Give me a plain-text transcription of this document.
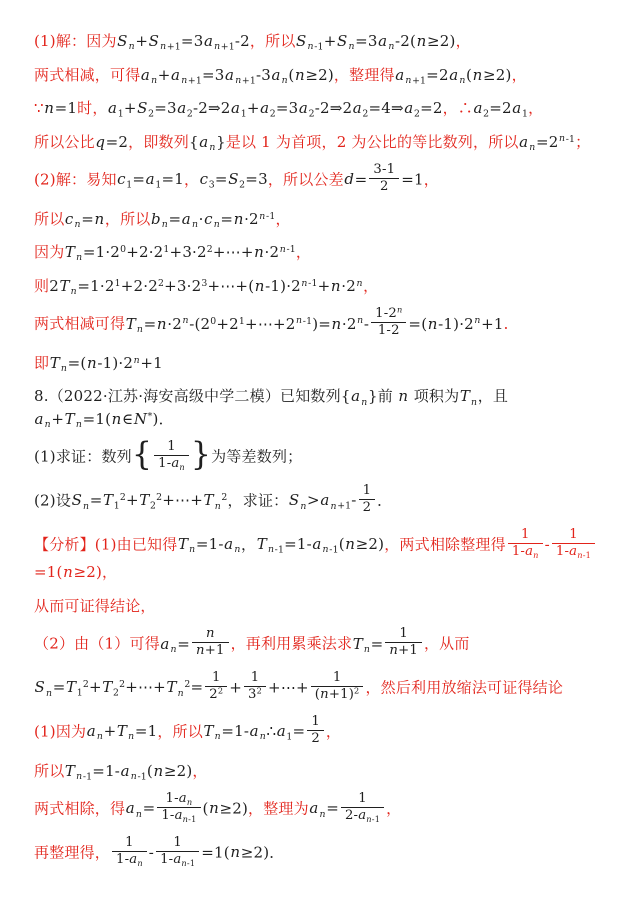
(1)解：因为$S_n+S_{n+1}=3a_{n+1}-2$，所以$S_{n-1}+S_n=3a_n-2(n\ge 2)$，
两式相减，可得$a_n+a_{n+1}=3a_{n+1}-3a_n(n\ge 2)$，整理得$a_{n+1}=2a_n(n\ge 2)$，
∵n=1时，$a_1+S_2=3a_2-2\Rightarrow 2a_1+a_2=3a_2-2\Rightarrow 2a_2=4\Rightarrow a_2=2$，$\therefore a_2=2a_1$，
所以公比q=2，即数列$\{a_n\}$是以 1 为首项，2 为公比的等比数列，所以$a_n=2^{n-1}$；
(2)解：易知$c_1=a_1=1$，$c_3=S_2=3$，所以公差$d= \frac{3-1}{2} =1$，
所以$c_n=n$，所以$b_n=a_n\cdot c_n=n\cdot 2^{n-1}$，
因为$T_n=1\cdot 2^0+2\cdot 2^1+3\cdot 2^2+\cdots+n\cdot 2^{n-1}$，
则$2T_n=1\cdot 2^1+2\cdot 2^2+3\cdot 2^3+\cdots+(n-1)\cdot 2^{n-1}+n\cdot 2^n$，
两式相减可得$T_n=n\cdot 2^n-(2^0+2^1+\cdots+2^{n-1})=n\cdot 2^n- \frac{1-2^n}{1-2} =(n-1)\cdot 2^n+1$．
即$T_n=(n-1)\cdot 2^n+1$
8.（2022·江苏·海安高级中学二模）已知数列$\{a_n\}$前 n 项积为$T_n$，且$a_n+T_n=1(n\in N^*)$．
(1)求证：数列{ $\frac{1}{1-a_n}$ }为等差数列；
(2)设$S_n=T_1^2+T_2^2+\cdots+T_n^2$，求证：$S_n>a_{n+1}- \frac{1}{2}$ ．
【分析】(1)由已知得$T_n=1-a_n$，$T_{n-1}=1-a_{n-1}(n\ge 2)$，两式相除整理得 $\frac{1}{1-a_n} - \frac{1}{1-a_{n-1}}$
=1(n≥2)，
从而可证得结论，
（2）由（1）可得$a_n= \frac{n}{n+1}$ ，再利用累乘法求$T_n= \frac{1}{n+1}$ ，从而
$S_n=T_1^2+T_2^2+\cdots+T_n^2= \frac{1}{2^2} + \frac{1}{3^2}$ +⋯+ $\frac{1}{(n+1)^2}$ ，然后利用放缩法可证得结论
(1)因为$a_n+T_n=1$，所以$T_n=1-a_n\therefore a_1= \frac{1}{2}$ ，
所以$T_{n-1}=1-a_{n-1}(n\ge 2)$，
两式相除，得$a_n= \frac{1-a_n}{1-a_{n-1}} (n\ge 2)$，整理为$a_n= \frac{1}{2-a_{n-1}}$ ，
再整理得， $\frac{1}{1-a_n} - \frac{1}{1-a_{n-1}} =1(n\ge 2)$．
